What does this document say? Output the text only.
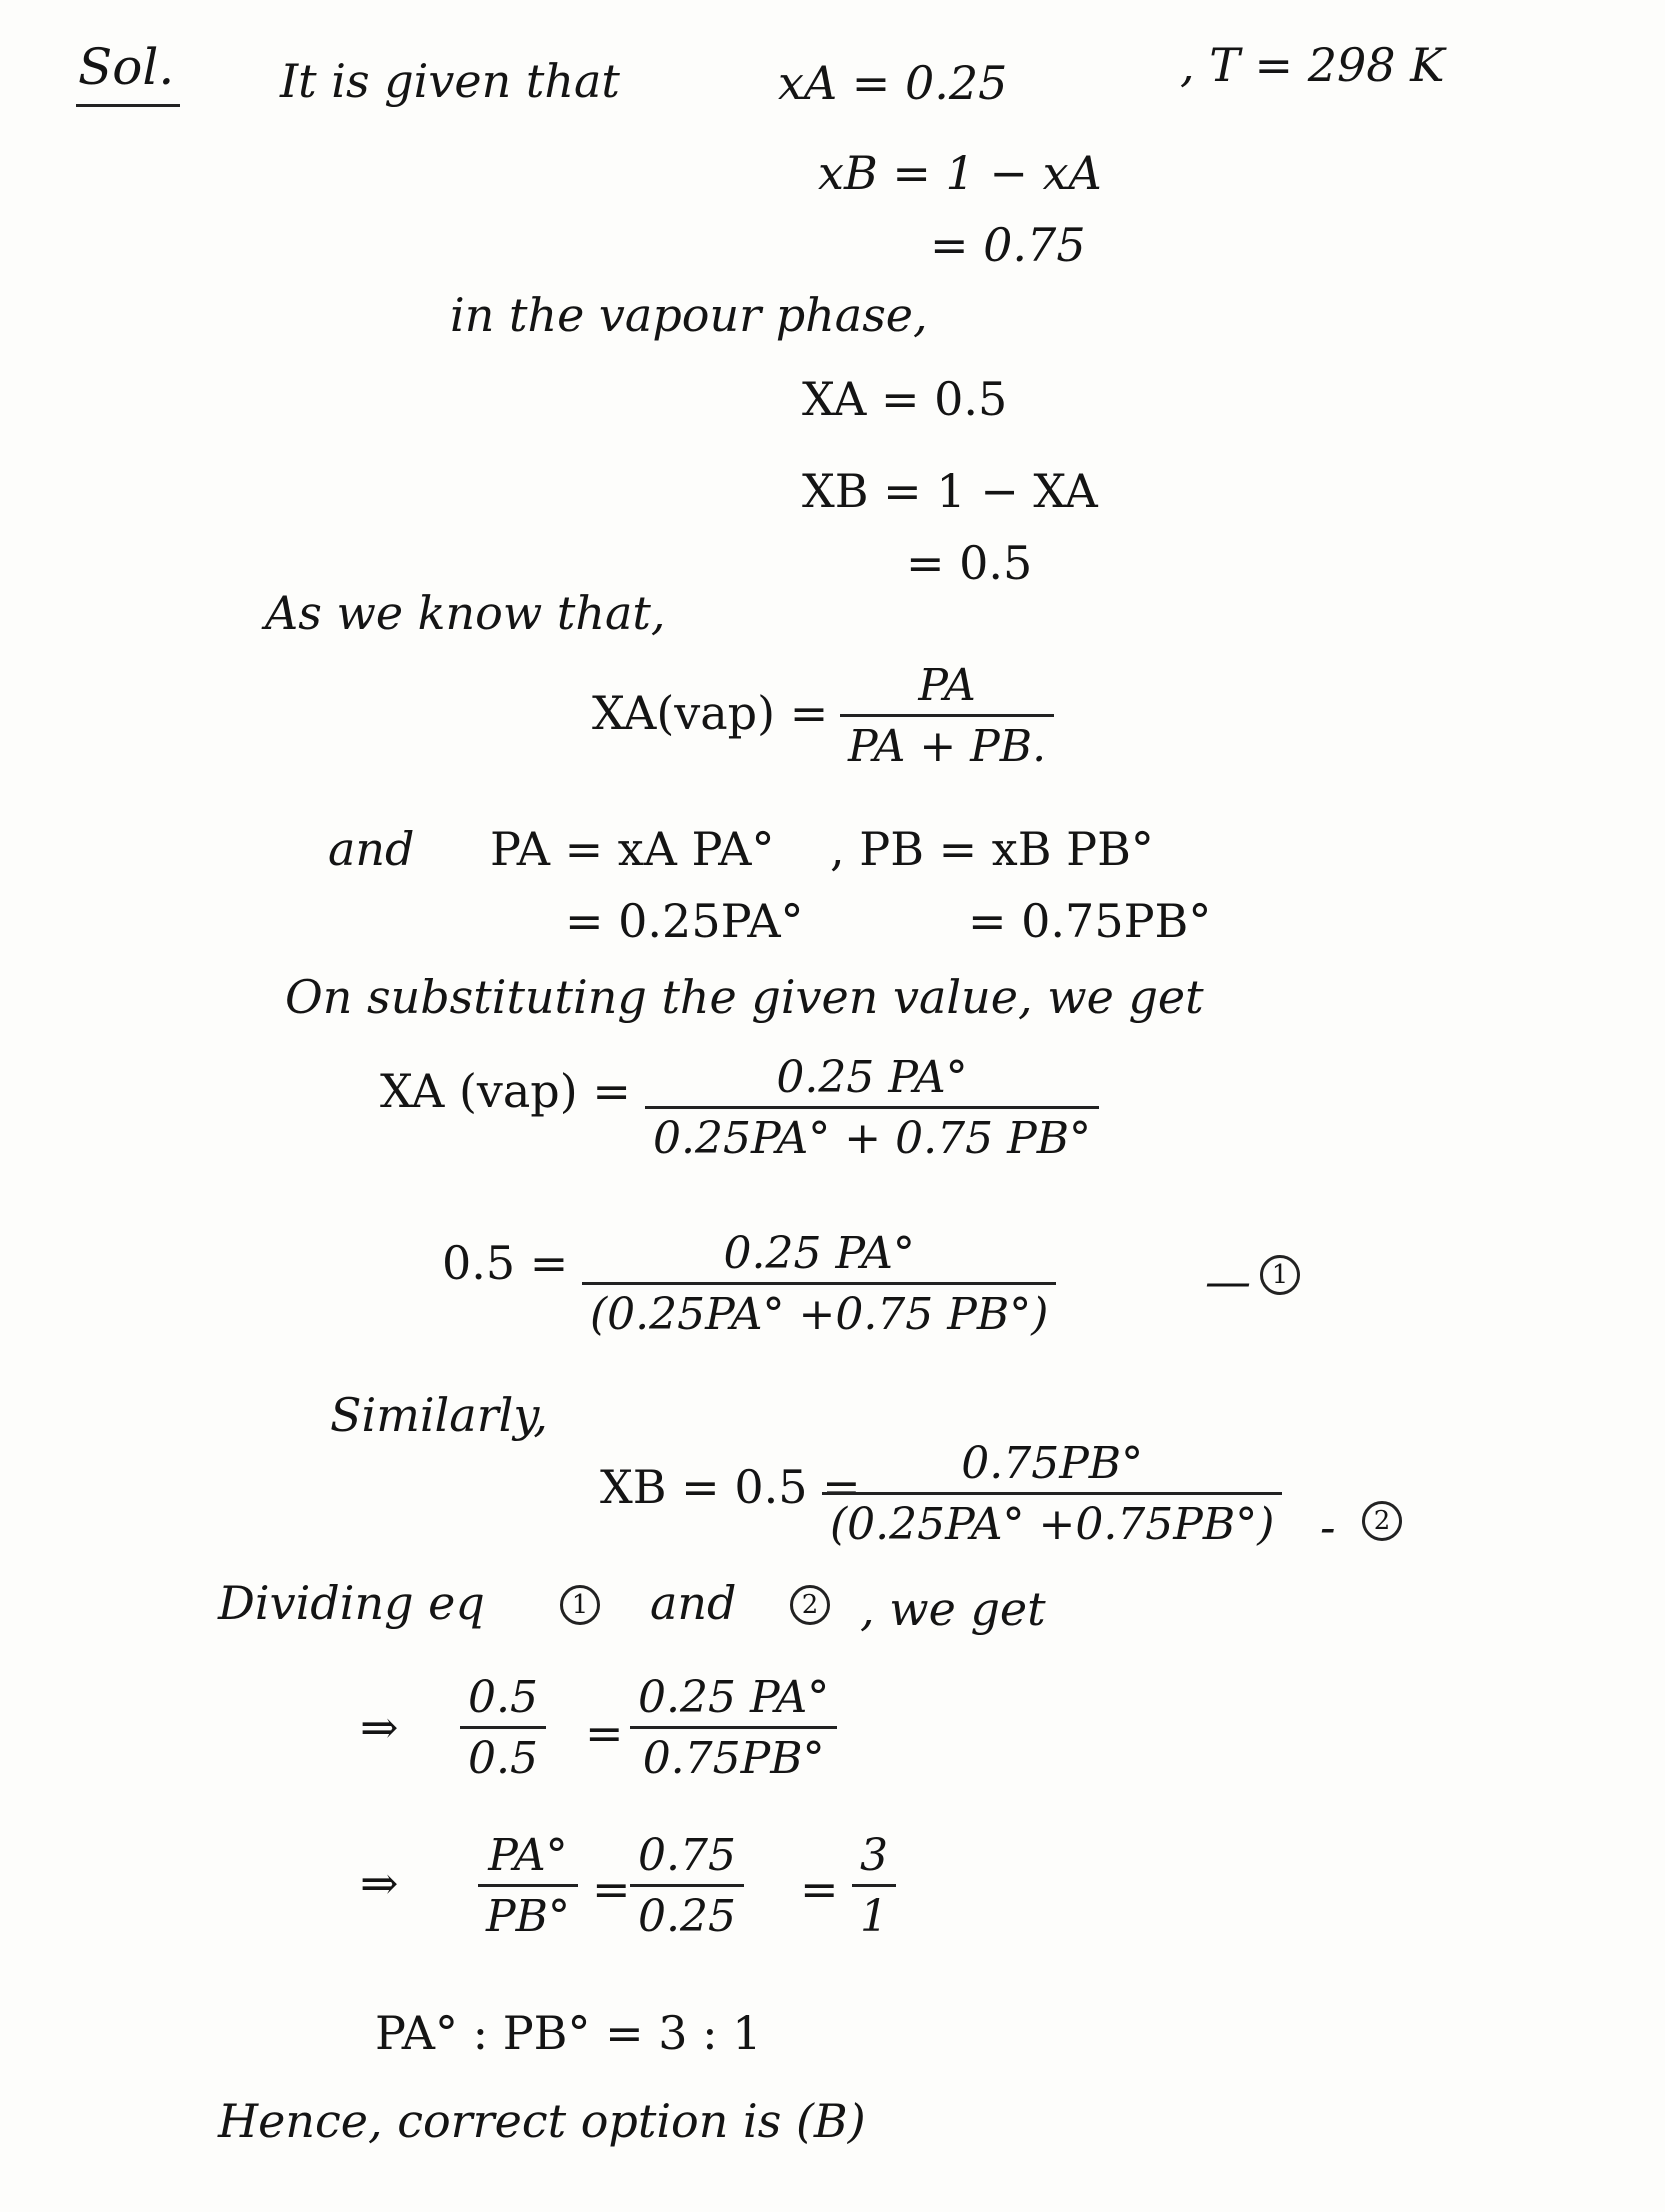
Sol. It is given that	xA = 0.25	, T = 298 K
xB = 1 − xA
= 0.75
in the vapour phase,
XA = 0.5
XB = 1 − XA
= 0.5
As we know that,
XA(vap) =
PA
PA + PB.
and PA = xA PA°
= 0.25PA°
, PB = xB PB°
= 0.75PB°
On substituting the given value, we get
XA (vap) =	0.25 PA°
0.25PA° + 0.75 PB°
0.5 =	0.25 PA°
(0.25PA° +0.75 PB°)
— 1
Similarly,
XB = 0.5 = 0.75PB°
(0.25PA° +0.75PB°) -	2
Dividing eq	1 and	2 , we get
⇒
0.5
0.5 =
0.25 PA°
0.75PB°
⇒
PA°
PB°
=
0.75
0.25
=
3
1
PA° : PB° = 3 : 1
Hence, correct option is (B)
